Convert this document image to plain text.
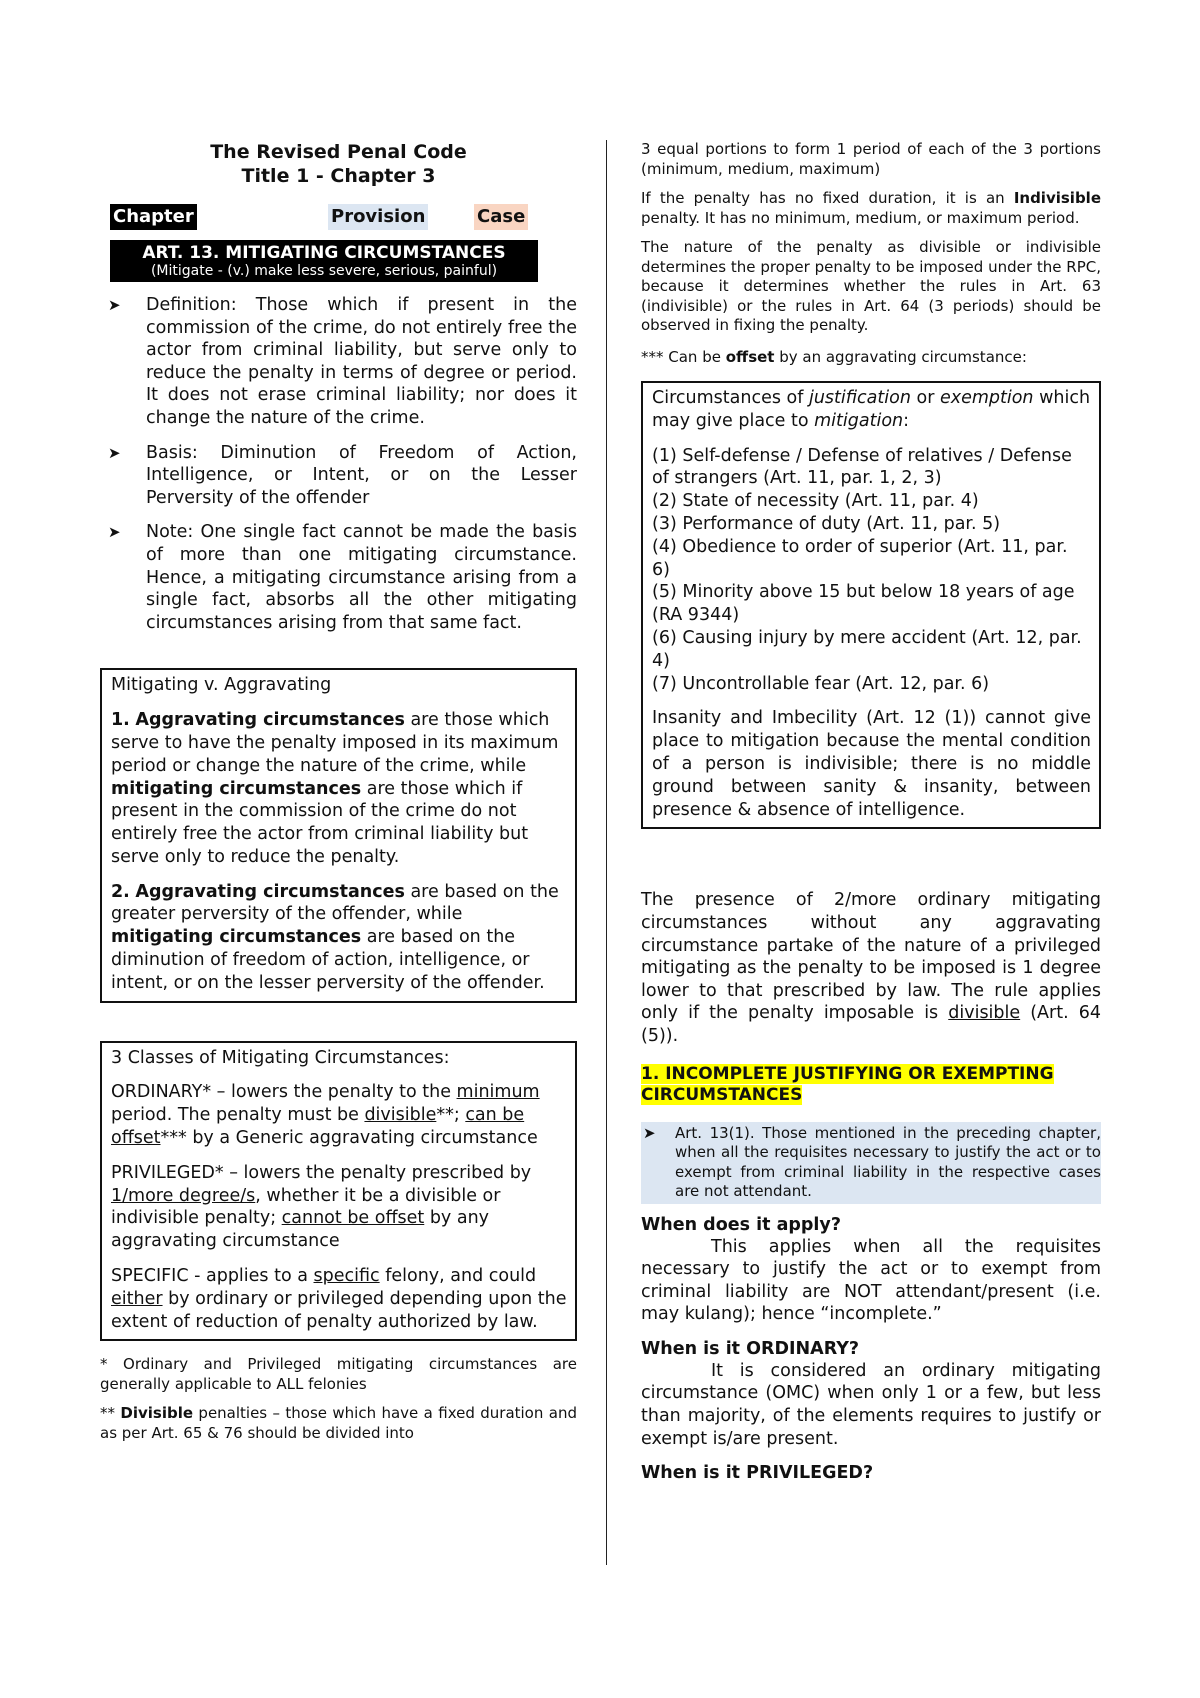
The Revised Penal Code
Title 1 - Chapter 3
Chapter	Provision	Case
ART. 13. MITIGATING CIRCUMSTANCES
(Mitigate - (v.) make less severe, serious, painful)
➤ Definition: Those which if present in the commission of the crime, do not entirely free the actor from criminal liability, but serve only to reduce the penalty in terms of degree or period. It does not erase criminal liability; nor does it change the nature of the crime.
➤ Basis: Diminution of Freedom of Action, Intelligence, or Intent, or on the Lesser Perversity of the offender
➤ Note: One single fact cannot be made the basis of more than one mitigating circumstance. Hence, a mitigating circumstance arising from a single fact, absorbs all the other mitigating circumstances arising from that same fact.

Mitigating v. Aggravating

1. Aggravating circumstances are those which serve to have the penalty imposed in its maximum period or change the nature of the crime, while mitigating circumstances are those which if present in the commission of the crime do not entirely free the actor from criminal liability but serve only to reduce the penalty.

2. Aggravating circumstances are based on the greater perversity of the offender, while mitigating circumstances are based on the diminution of freedom of action, intelligence, or intent, or on the lesser perversity of the offender.

3 Classes of Mitigating Circumstances:

ORDINARY* – lowers the penalty to the minimum period. The penalty must be divisible**; can be offset*** by a Generic aggravating circumstance

PRIVILEGED* – lowers the penalty prescribed by 1/more degree/s, whether it be a divisible or indivisible penalty; cannot be offset by any aggravating circumstance

SPECIFIC - applies to a specific felony, and could either by ordinary or privileged depending upon the extent of reduction of penalty authorized by law.

* Ordinary and Privileged mitigating circumstances are generally applicable to ALL felonies

** Divisible penalties – those which have a fixed duration and as per Art. 65 & 76 should be divided into

3 equal portions to form 1 period of each of the 3 portions (minimum, medium, maximum)

If the penalty has no fixed duration, it is an Indivisible penalty. It has no minimum, medium, or maximum period.

The nature of the penalty as divisible or indivisible determines the proper penalty to be imposed under the RPC, because it determines whether the rules in Art. 63 (indivisible) or the rules in Art. 64 (3 periods) should be observed in fixing the penalty.

*** Can be offset by an aggravating circumstance:

Circumstances of justification or exemption which may give place to mitigation:

(1) Self-defense / Defense of relatives / Defense of strangers (Art. 11, par. 1, 2, 3)

(2) State of necessity (Art. 11, par. 4)

(3) Performance of duty (Art. 11, par. 5)

(4) Obedience to order of superior (Art. 11, par. 6)

(5) Minority above 15 but below 18 years of age (RA 9344)

(6) Causing injury by mere accident (Art. 12, par. 4)

(7) Uncontrollable fear (Art. 12, par. 6)

Insanity and Imbecility (Art. 12 (1)) cannot give place to mitigation because the mental condition of a person is indivisible; there is no middle ground between sanity & insanity, between presence & absence of intelligence.

The presence of 2/more ordinary mitigating circumstances without any aggravating circumstance partake of the nature of a privileged mitigating as the penalty to be imposed is 1 degree lower to that prescribed by law. The rule applies only if the penalty imposable is divisible (Art. 64 (5)).

1. INCOMPLETE JUSTIFYING OR EXEMPTING CIRCUMSTANCES
➤ Art. 13(1). Those mentioned in the preceding chapter, when all the requisites necessary to justify the act or to exempt from criminal liability in the respective cases are not attendant.

When does it apply?

This applies when all the requisites necessary to justify the act or to exempt from criminal liability are NOT attendant/present (i.e. may kulang); hence “incomplete.”

When is it ORDINARY?

It is considered an ordinary mitigating circumstance (OMC) when only 1 or a few, but less than majority, of the elements requires to justify or exempt is/are present.

When is it PRIVILEGED?
